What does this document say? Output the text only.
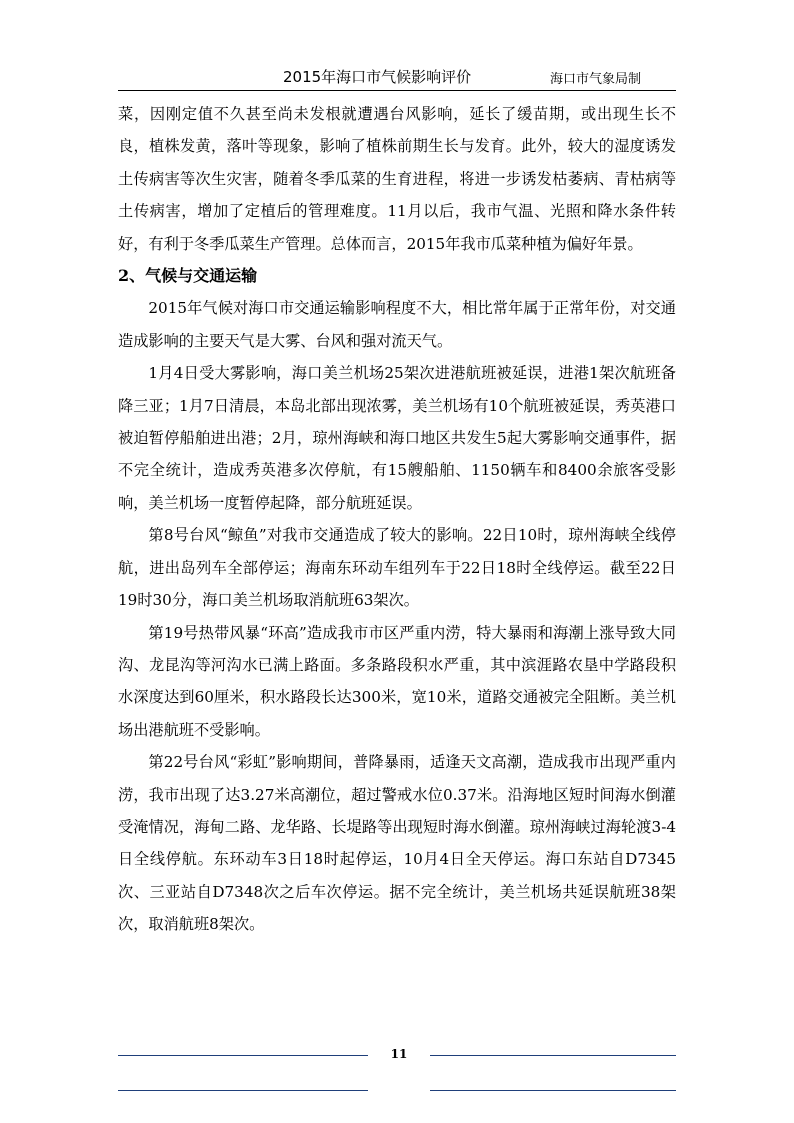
2015年海口市气候影响评价	海口市气象局制

菜，因刚定值不久甚至尚未发根就遭遇台风影响，延长了缓苗期，或出现生长不良，植株发黄，落叶等现象，影响了植株前期生长与发育。此外，较大的湿度诱发土传病害等次生灾害，随着冬季瓜菜的生育进程，将进一步诱发枯萎病、青枯病等土传病害，增加了定植后的管理难度。11月以后，我市气温、光照和降水条件转好，有利于冬季瓜菜生产管理。总体而言，2015年我市瓜菜种植为偏好年景。

2、气候与交通运输

2015年气候对海口市交通运输影响程度不大，相比常年属于正常年份，对交通造成影响的主要天气是大雾、台风和强对流天气。

1月4日受大雾影响，海口美兰机场25架次进港航班被延误，进港1架次航班备降三亚；1月7日清晨，本岛北部出现浓雾，美兰机场有10个航班被延误，秀英港口被迫暂停船舶进出港；2月，琼州海峡和海口地区共发生5起大雾影响交通事件，据不完全统计，造成秀英港多次停航，有15艘船舶、1150辆车和8400余旅客受影响，美兰机场一度暂停起降，部分航班延误。

第8号台风“鲸鱼”对我市交通造成了较大的影响。22日10时，琼州海峡全线停航，进出岛列车全部停运；海南东环动车组列车于22日18时全线停运。截至22日19时30分，海口美兰机场取消航班63架次。

第19号热带风暴“环高”造成我市市区严重内涝，特大暴雨和海潮上涨导致大同沟、龙昆沟等河沟水已满上路面。多条路段积水严重，其中滨涯路农垦中学路段积水深度达到60厘米，积水路段长达300米，宽10米，道路交通被完全阻断。美兰机场出港航班不受影响。

第22号台风“彩虹”影响期间，普降暴雨，适逢天文高潮，造成我市出现严重内涝，我市出现了达3.27米高潮位，超过警戒水位0.37米。沿海地区短时间海水倒灌受淹情况，海甸二路、龙华路、长堤路等出现短时海水倒灌。琼州海峡过海轮渡3-4日全线停航。东环动车3日18时起停运，10月4日全天停运。海口东站自D7345次、三亚站自D7348次之后车次停运。据不完全统计，美兰机场共延误航班38架次，取消航班8架次。

11
